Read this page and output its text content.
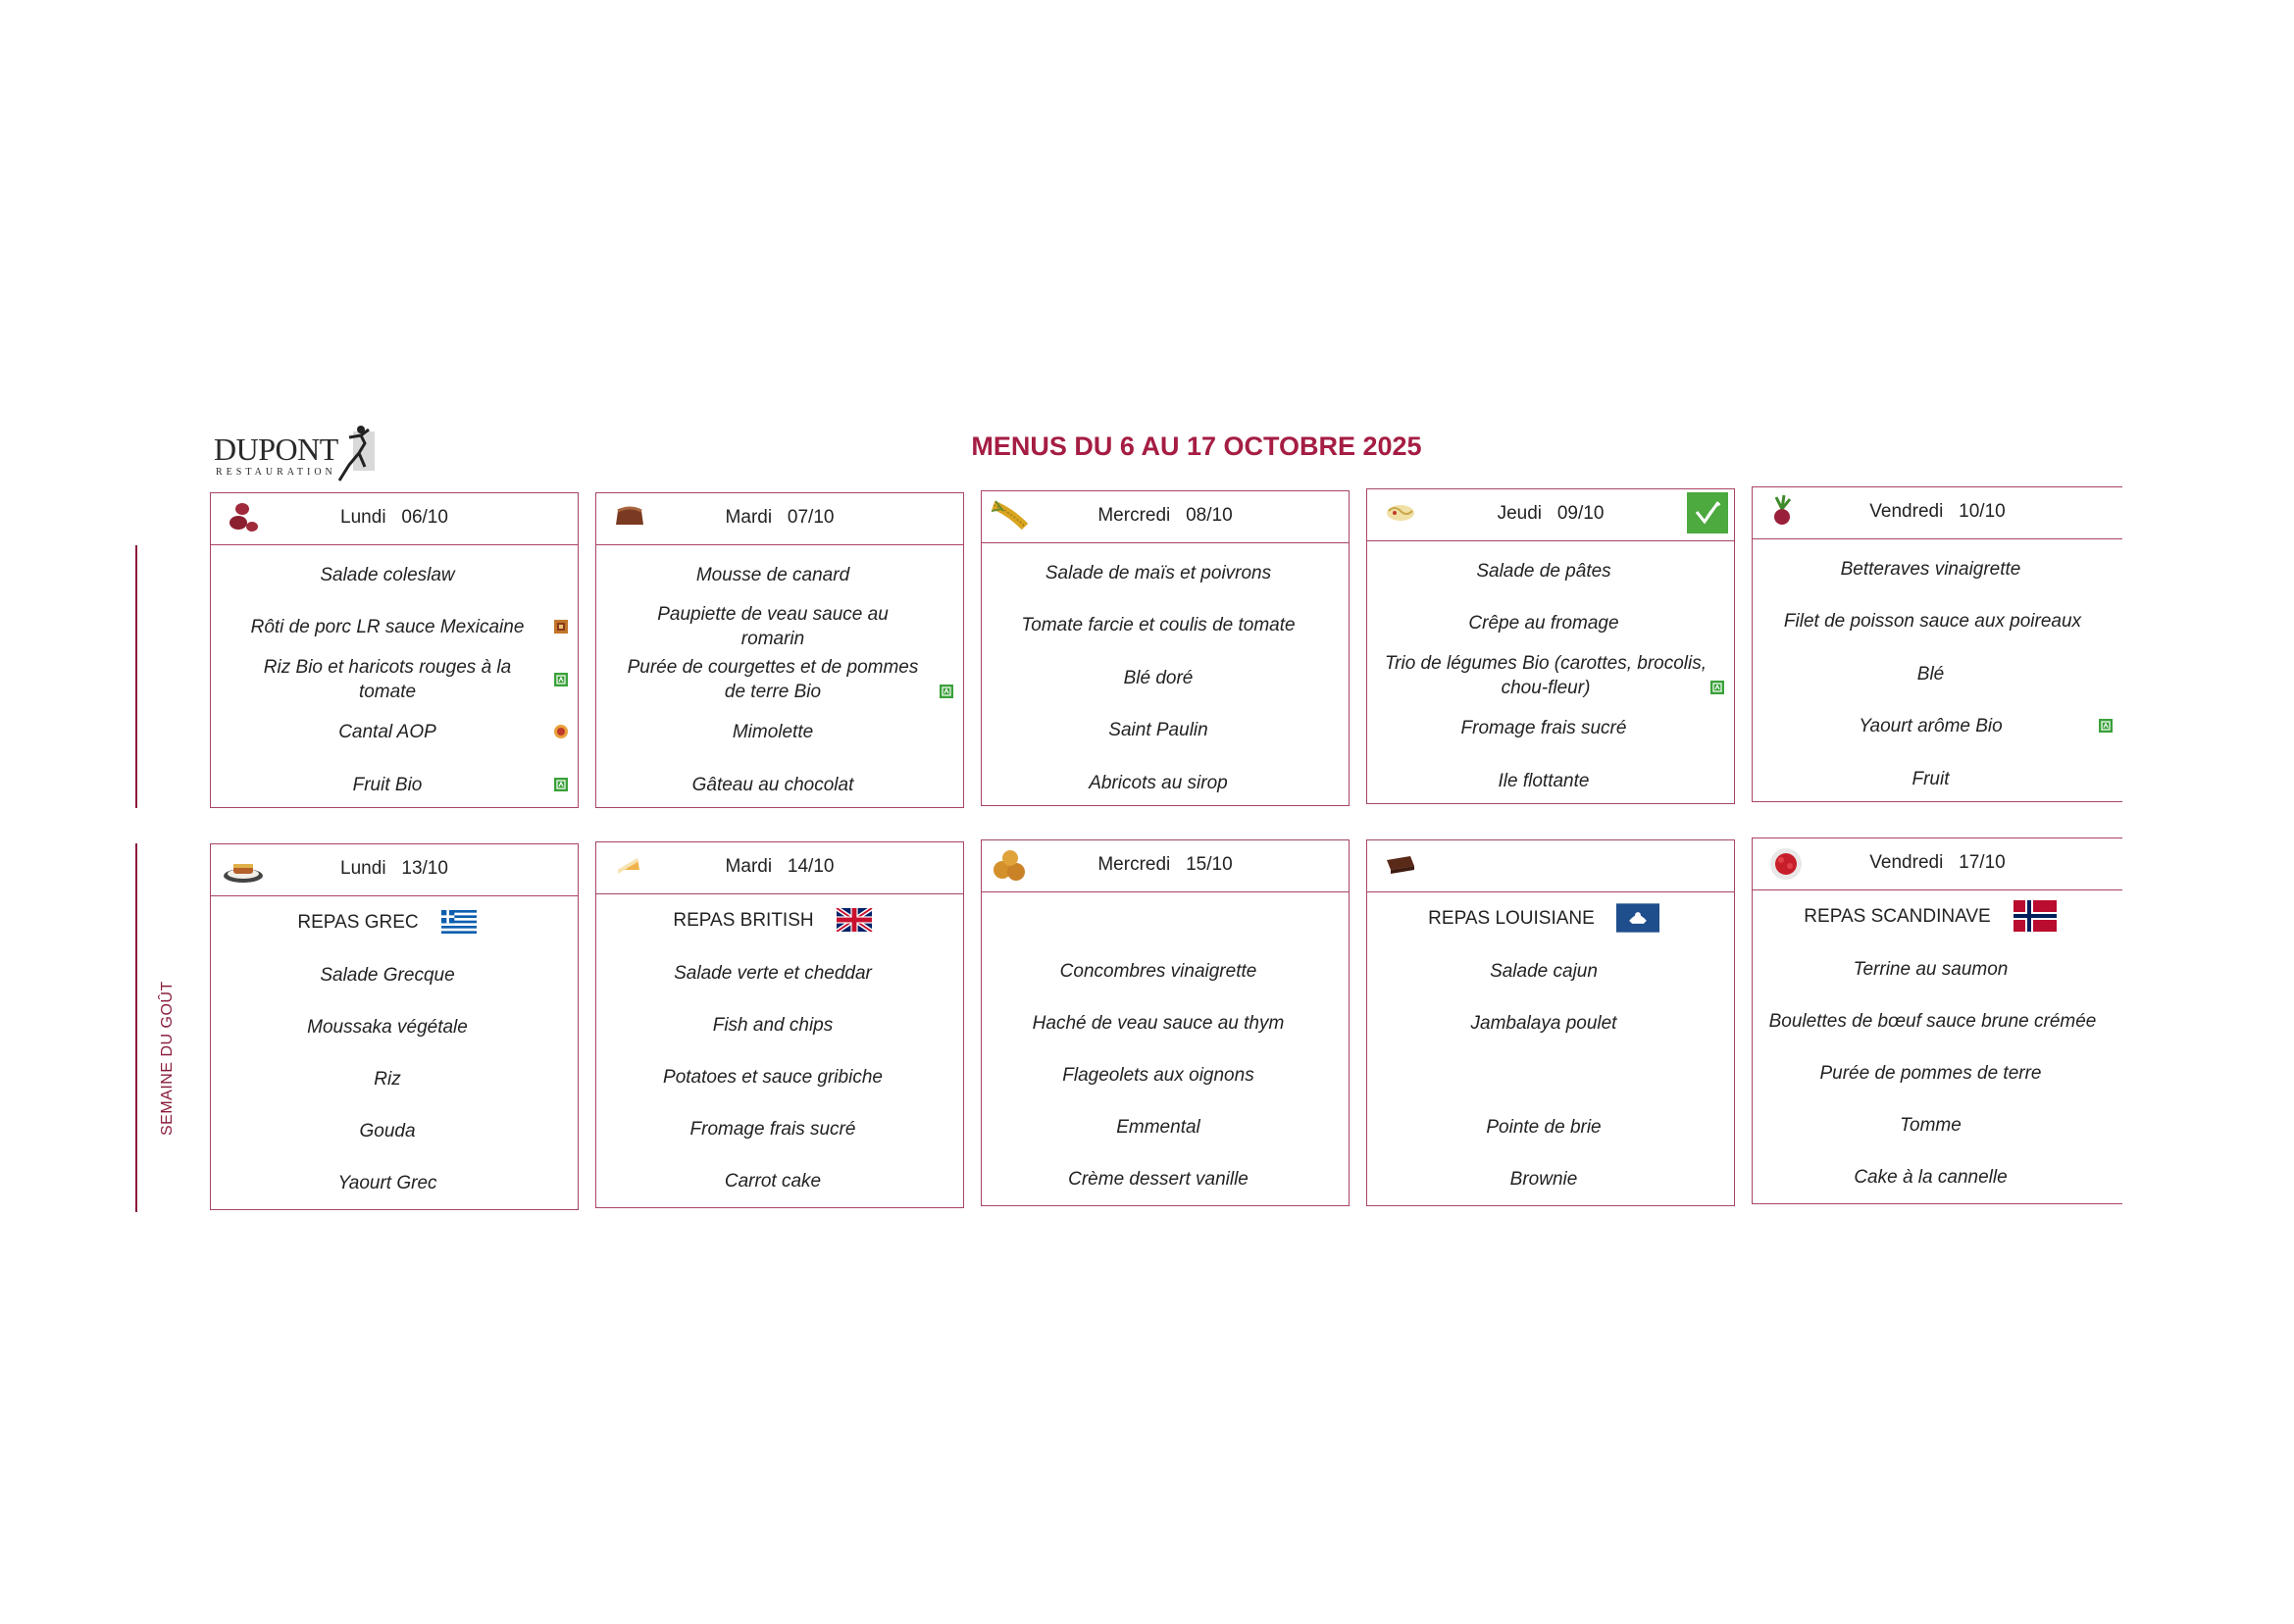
DUPONT
RESTAURATION
MENUS DU 6 AU 17 OCTOBRE 2025
SEMAINE DU GOÛT
Lundi 06/10
Salade coleslaw
Rôti de porc LR sauce Mexicaine
Riz Bio et haricots rouges à la tomate
Cantal AOP
Fruit Bio
Mardi 07/10
Mousse de canard
Paupiette de veau sauce au romarin
Purée de courgettes et de pommes de terre Bio
Mimolette
Gâteau au chocolat
Mercredi 08/10
Salade de maïs et poivrons
Tomate farcie et coulis de tomate
Blé doré
Saint Paulin
Abricots au sirop
Jeudi 09/10
Salade de pâtes
Crêpe au fromage
Trio de légumes Bio (carottes, brocolis, chou-fleur)
Fromage frais sucré
Ile flottante
Vendredi 10/10
Betteraves vinaigrette
Filet de poisson sauce aux poireaux
Blé
Yaourt arôme Bio
Fruit
Lundi 13/10
REPAS GREC
Salade Grecque
Moussaka végétale
Riz
Gouda
Yaourt Grec
Mardi 14/10
REPAS BRITISH
Salade verte et cheddar
Fish and chips
Potatoes et sauce gribiche
Fromage frais sucré
Carrot cake
Mercredi 15/10
Concombres vinaigrette
Haché de veau sauce au thym
Flageolets aux oignons
Emmental
Crème dessert vanille
REPAS LOUISIANE
Salade cajun
Jambalaya poulet
Pointe de brie
Brownie
Vendredi 17/10
REPAS SCANDINAVE
Terrine au saumon
Boulettes de bœuf sauce brune crémée
Purée de pommes de terre
Tomme
Cake à la cannelle
